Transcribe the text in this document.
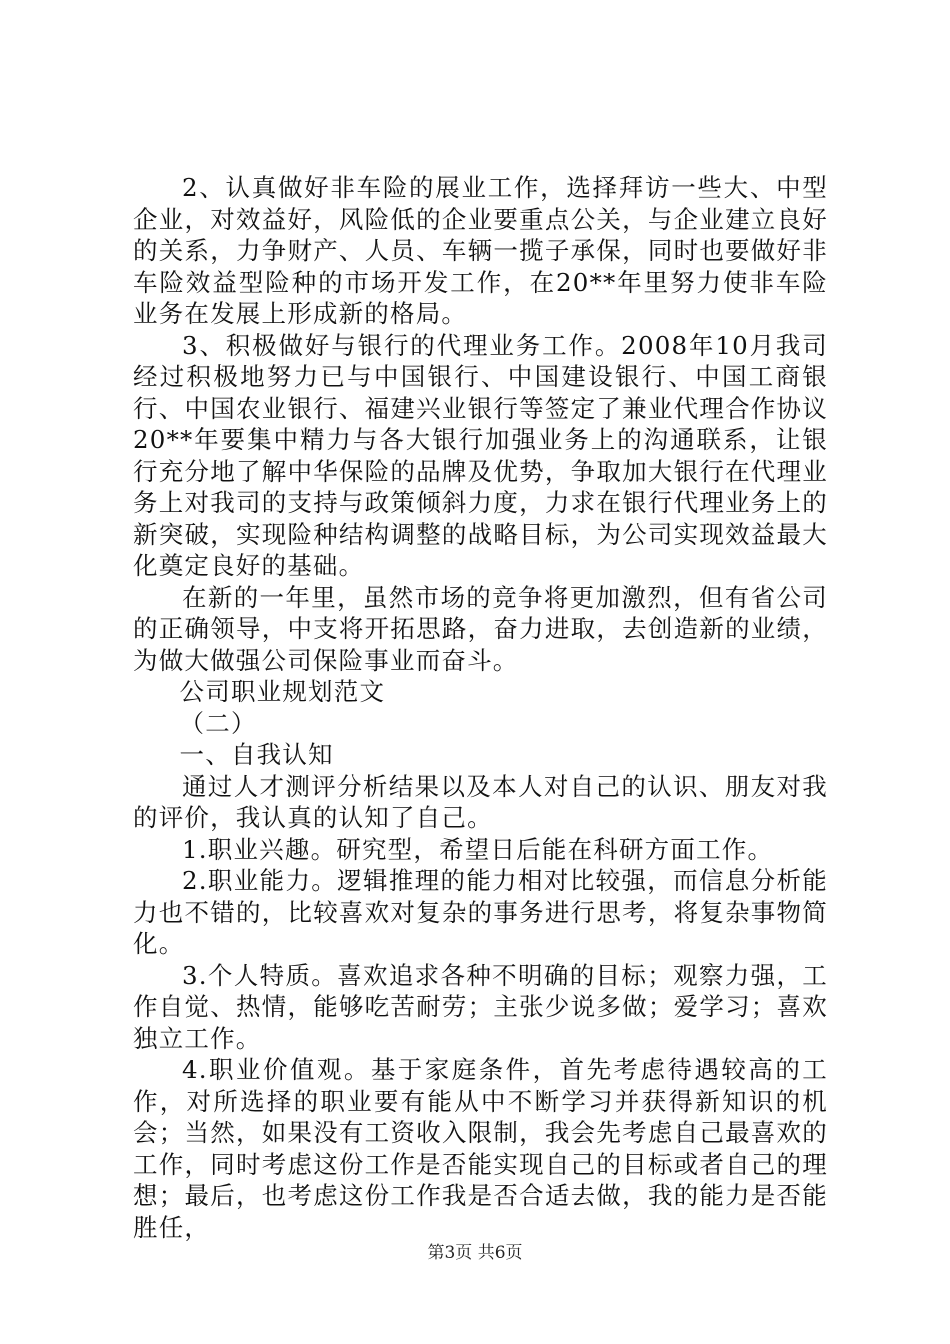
2、认真做好非车险的展业工作，选择拜访一些大、中型企业，对效益好，风险低的企业要重点公关，与企业建立良好的关系，力争财产、人员、车辆一揽子承保，同时也要做好非车险效益型险种的市场开发工作，在20**年里努力使非车险业务在发展上形成新的格局。

3、积极做好与银行的代理业务工作。2008年10月我司经过积极地努力已与中国银行、中国建设银行、中国工商银行、中国农业银行、福建兴业银行等签定了兼业代理合作协议20**年要集中精力与各大银行加强业务上的沟通联系，让银行充分地了解中华保险的品牌及优势，争取加大银行在代理业务上对我司的支持与政策倾斜力度，力求在银行代理业务上的新突破，实现险种结构调整的战略目标，为公司实现效益最大化奠定良好的基础。

在新的一年里，虽然市场的竞争将更加激烈，但有省公司的正确领导，中支将开拓思路，奋力进取，去创造新的业绩，为做大做强公司保险事业而奋斗。

公司职业规划范文

（二）

一、自我认知

通过人才测评分析结果以及本人对自己的认识、朋友对我的评价，我认真的认知了自己。

1.职业兴趣。研究型，希望日后能在科研方面工作。

2.职业能力。逻辑推理的能力相对比较强，而信息分析能力也不错的，比较喜欢对复杂的事务进行思考，将复杂事物简化。

3.个人特质。喜欢追求各种不明确的目标；观察力强，工作自觉、热情，能够吃苦耐劳；主张少说多做；爱学习；喜欢独立工作。

4.职业价值观。基于家庭条件，首先考虑待遇较高的工作，对所选择的职业要有能从中不断学习并获得新知识的机会；当然，如果没有工资收入限制，我会先考虑自己最喜欢的工作，同时考虑这份工作是否能实现自己的目标或者自己的理想；最后，也考虑这份工作我是否合适去做，我的能力是否能胜任，

第3页 共6页
